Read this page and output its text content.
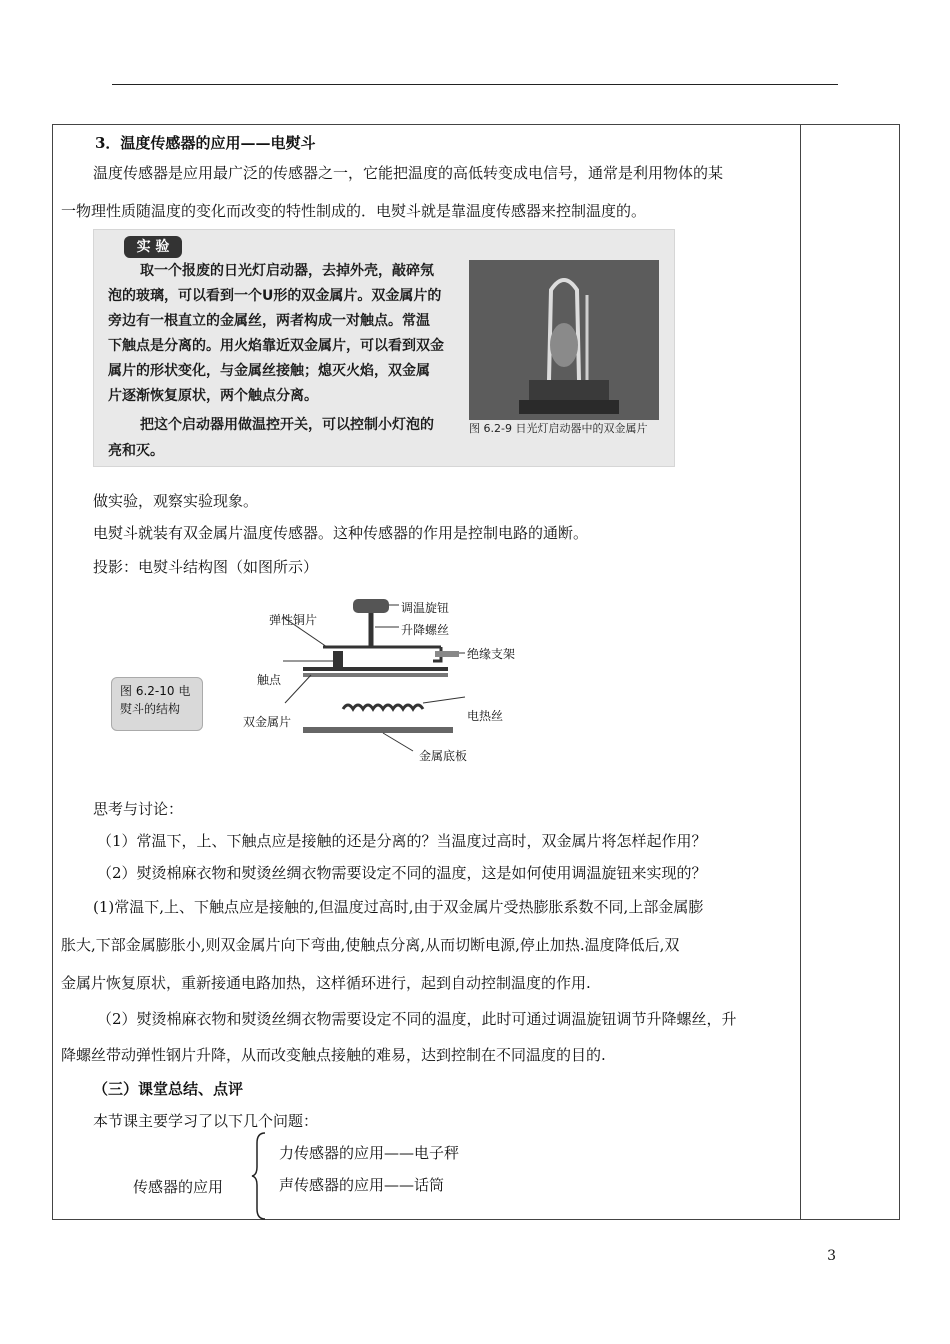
3．温度传感器的应用——电熨斗
温度传感器是应用最广泛的传感器之一，它能把温度的高低转变成电信号，通常是利用物体的某
一物理性质随温度的变化而改变的特性制成的．电熨斗就是靠温度传感器来控制温度的。
实 验
取一个报废的日光灯启动器，去掉外壳，敲碎氖
泡的玻璃，可以看到一个U形的双金属片。双金属片的
旁边有一根直立的金属丝，两者构成一对触点。常温
下触点是分离的。用火焰靠近双金属片，可以看到双金
属片的形状变化，与金属丝接触；熄灭火焰，双金属
片逐渐恢复原状，两个触点分离。
把这个启动器用做温控开关，可以控制小灯泡的
亮和灭。
图 6.2-9 日光灯启动器中的双金属片
做实验，观察实验现象。
电熨斗就装有双金属片温度传感器。这种传感器的作用是控制电路的通断。
投影：电熨斗结构图（如图所示）
图 6.2-10 电熨斗的结构
调温旋钮
升降螺丝
弹性铜片
绝缘支架
触点
双金属片	电热丝
金属底板
思考与讨论：
（1）常温下，上、下触点应是接触的还是分离的？当温度过高时，双金属片将怎样起作用？
（2）熨烫棉麻衣物和熨烫丝绸衣物需要设定不同的温度，这是如何使用调温旋钮来实现的？
(1)常温下,上、下触点应是接触的,但温度过高时,由于双金属片受热膨胀系数不同,上部金属膨
胀大,下部金属膨胀小,则双金属片向下弯曲,使触点分离,从而切断电源,停止加热.温度降低后,双
金属片恢复原状，重新接通电路加热，这样循环进行，起到自动控制温度的作用.
（2）熨烫棉麻衣物和熨烫丝绸衣物需要设定不同的温度，此时可通过调温旋钮调节升降螺丝，升
降螺丝带动弹性钢片升降，从而改变触点接触的难易，达到控制在不同温度的目的.
（三）课堂总结、点评
本节课主要学习了以下几个问题：
传感器的应用
力传感器的应用——电子秤
声传感器的应用——话筒
3
